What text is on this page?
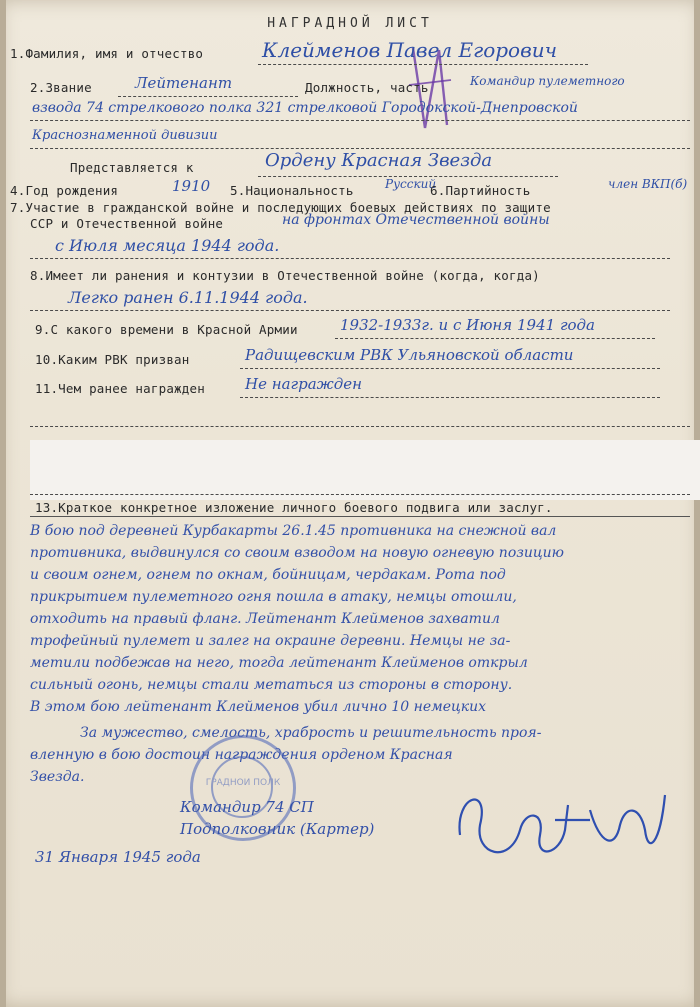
НАГРАДНОЙ ЛИСТ
1.Фамилия, имя и отчество	Клейменов Павел Егорович
2.Звание	Лейтенант	Должность, часть	Командир пулеметного
взвода 74 стрелкового полка 321 стрелковой Городокской-Днепровской
Краснознаменной дивизии
Представляется к	Ордену Красная Звезда
4.Год рождения	1910 5.Национальность	Русский
6.Партийность	член ВКП(б)
7.Участие в гражданской войне и последующих боевых действиях по защите
ССР и Отечественной войне	на фронтах Отечественной войны
с Июля месяца 1944 года.
8.Имеет ли ранения и контузии в Отечественной войне (когда, когда)
Легко ранен 6.11.1944 года.
9.С какого времени в Красной Армии	1932-1933г. и с Июня 1941 года
10.Каким РВК призван	Радищевским РВК Ульяновской области
11.Чем ранее награжден	Не награжден
13.Краткое конкретное изложение личного боевого подвига или заслуг.
В бою под деревней Курбакарты 26.1.45 противника на снежной вал
противника, выдвинулся со своим взводом на новую огневую позицию
и своим огнем, огнем по окнам, бойницам, чердакам. Рота под
прикрытием пулеметного огня пошла в атаку, немцы отошли,
отходить на правый фланг. Лейтенант Клейменов захватил
трофейный пулемет и залег на окраине деревни. Немцы не за-
метили подбежав на него, тогда лейтенант Клейменов открыл
сильный огонь, немцы стали метаться из стороны в сторону.
В этом бою лейтенант Клейменов убил лично 10 немецких
За мужество, смелость, храбрость и решительность проя-
вленную в бою достоин награждения орденом Красная
Звезда.	ГРАДНОИ ПОЛК
Командир 74 СП
Подполковник (Картер)
31 Января 1945 года
